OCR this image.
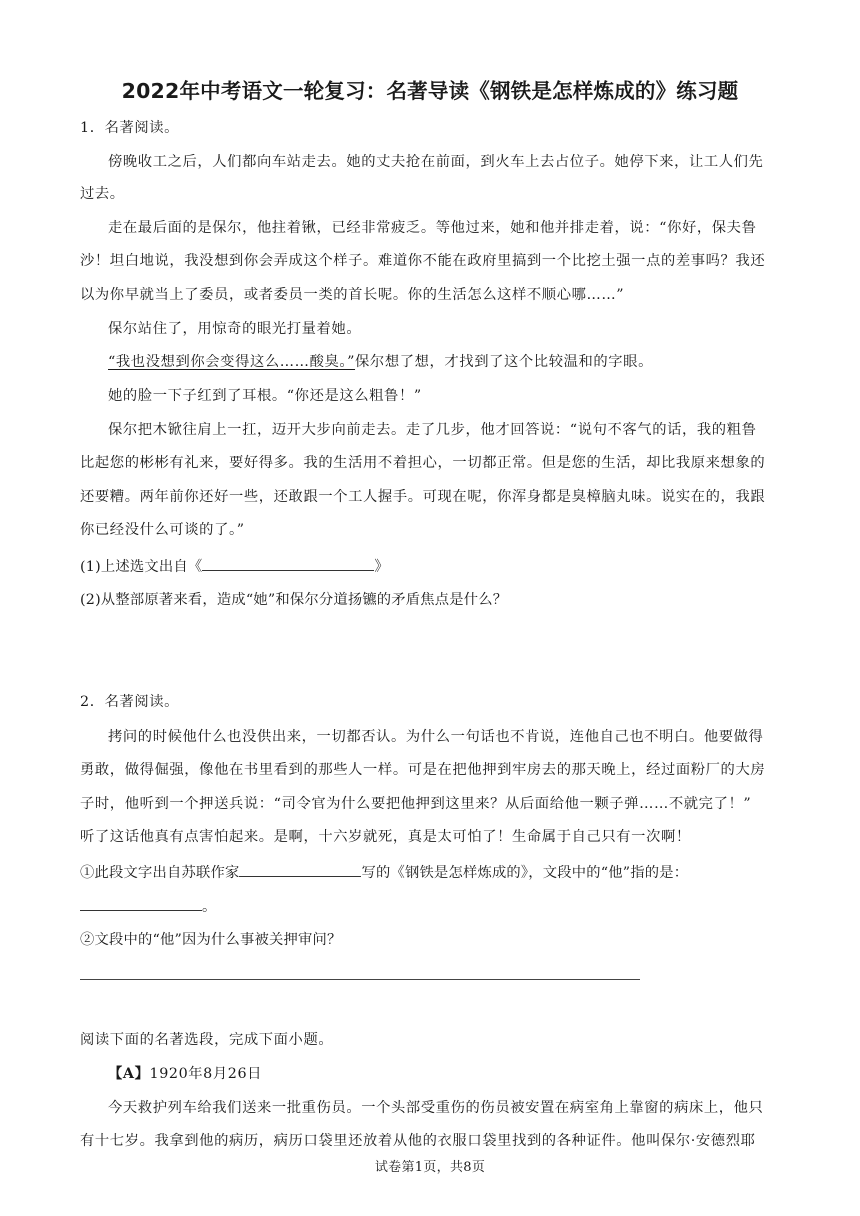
2022年中考语文一轮复习：名著导读《钢铁是怎样炼成的》练习题
1．名著阅读。
傍晚收工之后，人们都向车站走去。她的丈夫抢在前面，到火车上去占位子。她停下来，让工人们先
过去。
走在最后面的是保尔，他拄着锹，已经非常疲乏。等他过来，她和他并排走着，说：“你好，保夫鲁
沙！坦白地说，我没想到你会弄成这个样子。难道你不能在政府里搞到一个比挖土强一点的差事吗？我还
以为你早就当上了委员，或者委员一类的首长呢。你的生活怎么这样不顺心哪……”
保尔站住了，用惊奇的眼光打量着她。
“我也没想到你会变得这么……酸臭。”保尔想了想，才找到了这个比较温和的字眼。
她的脸一下子红到了耳根。“你还是这么粗鲁！”
保尔把木锨往肩上一扛，迈开大步向前走去。走了几步，他才回答说：“说句不客气的话，我的粗鲁
比起您的彬彬有礼来，要好得多。我的生活用不着担心，一切都正常。但是您的生活，却比我原来想象的
还要糟。两年前你还好一些，还敢跟一个工人握手。可现在呢，你浑身都是臭樟脑丸味。说实在的，我跟
你已经没什么可谈的了。”
(1)上述选文出自《	》
(2)从整部原著来看，造成“她”和保尔分道扬镳的矛盾焦点是什么？
2．名著阅读。
拷问的时候他什么也没供出来，一切都否认。为什么一句话也不肯说，连他自己也不明白。他要做得
勇敢，做得倔强，像他在书里看到的那些人一样。可是在把他押到牢房去的那天晚上，经过面粉厂的大房
子时，他听到一个押送兵说：“司令官为什么要把他押到这里来？从后面给他一颗子弹……不就完了！”
听了这话他真有点害怕起来。是啊，十六岁就死，真是太可怕了！生命属于自己只有一次啊！
①此段文字出自苏联作家	写的《钢铁是怎样炼成的》，文段中的“他”指的是：
。
②文段中的“他”因为什么事被关押审问？
阅读下面的名著选段，完成下面小题。
【A】1920年8月26日
今天救护列车给我们送来一批重伤员。一个头部受重伤的伤员被安置在病室角上靠窗的病床上，他只
有十七岁。我拿到他的病历，病历口袋里还放着从他的衣服口袋里找到的各种证件。他叫保尔·安德烈耶
试卷第1页，共8页
